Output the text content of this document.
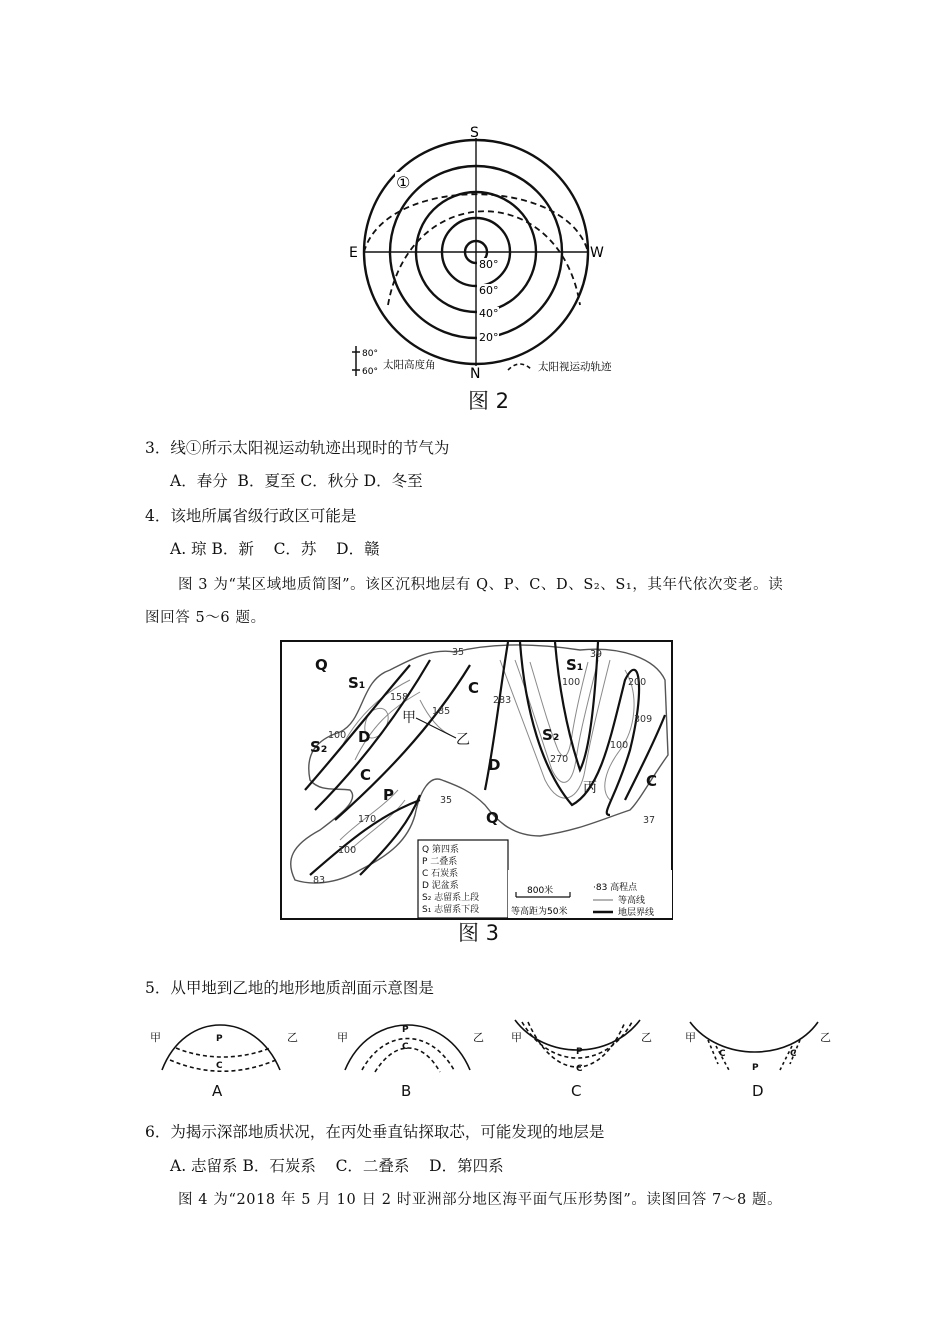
80°
60°
40°
20°
S
N
E	W
①
80°
60°
太阳高度角	太阳视运动轨迹
图 2
3．线①所示太阳视运动轨迹出现时的节气为
A．春分  B．夏至 C．秋分 D．冬至
4．该地所属省级行政区可能是
A. 琼 B．新    C．苏    D．赣
图 3 为“某区域地质简图”。该区沉积地层有 Q、P、C、D、S₂、S₁，其年代依次变老。读
图回答 5～6 题。
Q
S₁
S₂
D
C
C
P
Q
D
S₁
S₂
C
甲
乙
丙
35
158
185
283
39
309
270
35
170
83
37
100
100
100
100
200
Q 第四系
P 二叠系
C 石炭系
D 泥盆系
S₂ 志留系上段
S₁ 志留系下段
800米
等高距为50米
·83 高程点
等高线
地层界线
图 3
5．从甲地到乙地的地形地质剖面示意图是
甲	乙	甲	乙 甲	乙	甲	乙
P
C
P
C	P
C	P
C	C
A	B	C	D
6．为揭示深部地质状况，在丙处垂直钻探取芯，可能发现的地层是
A. 志留系 B．石炭系    C．二叠系    D．第四系
图 4 为“2018 年 5 月 10 日 2 时亚洲部分地区海平面气压形势图”。读图回答 7～8 题。
